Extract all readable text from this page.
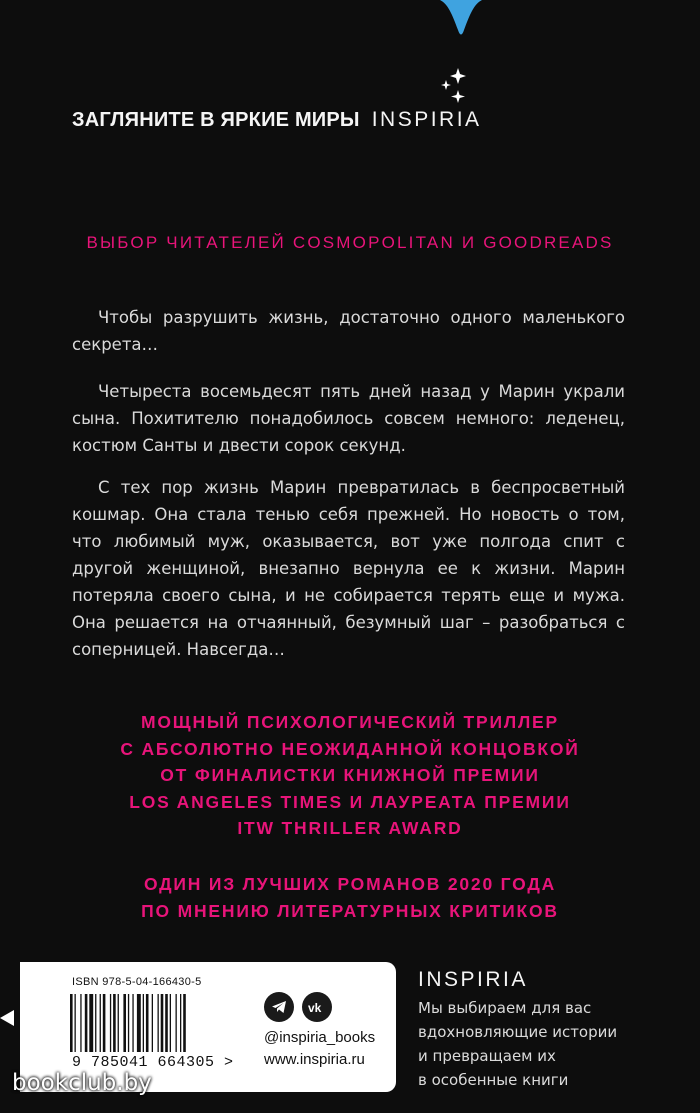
ЗАГЛЯНИТЕ В ЯРКИЕ МИРЫ INSPIRIA
ВЫБОР ЧИТАТЕЛЕЙ COSMOPOLITAN И GOODREADS

Чтобы разрушить жизнь, достаточно одного маленького секрета…

Четыреста восемьдесят пять дней назад у Марин украли сына. Похитителю понадобилось совсем немного: леденец, костюм Санты и двести сорок секунд.

С тех пор жизнь Марин превратилась в беспросветный кошмар. Она стала тенью себя прежней. Но новость о том, что любимый муж, оказывается, вот уже полгода спит с другой женщиной, внезапно вернула ее к жизни. Марин потеряла своего сына, и не собирается терять еще и мужа. Она решается на отчаянный, безумный шаг – разобраться с соперницей. Навсегда…

МОЩНЫЙ ПСИХОЛОГИЧЕСКИЙ ТРИЛЛЕР
С АБСОЛЮТНО НЕОЖИДАННОЙ КОНЦОВКОЙ
ОТ ФИНАЛИСТКИ КНИЖНОЙ ПРЕМИИ
LOS ANGELES TIMES И ЛАУРЕАТА ПРЕМИИ
ITW THRILLER AWARD
ОДИН ИЗ ЛУЧШИХ РОМАНОВ 2020 ГОДА
ПО МНЕНИЮ ЛИТЕРАТУРНЫХ КРИТИКОВ
ISBN 978-5-04-166430-5
9 785041 664305 >
vk
@inspiria_books
www.inspiria.ru
INSPIRIA
Мы выбираем для вас
вдохновляющие истории
и превращаем их
в особенные книги
bookclub.by
